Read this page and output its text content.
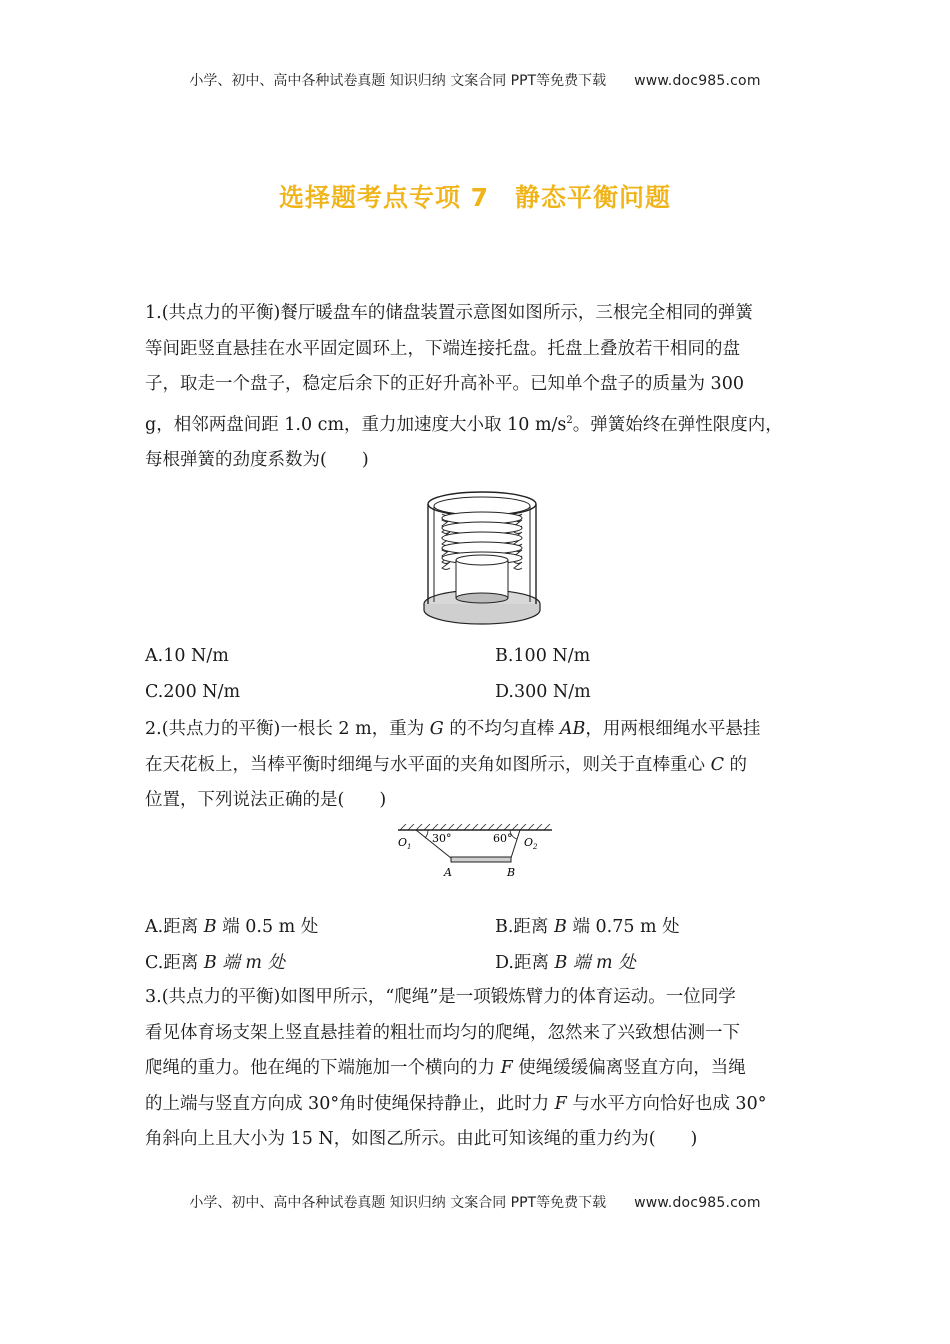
小学、初中、高中各种试卷真题 知识归纳 文案合同 PPT等免费下载 www.doc985.com
选择题考点专项 7 静态平衡问题
1.(共点力的平衡)餐厅暖盘车的储盘装置示意图如图所示，三根完全相同的弹簧
等间距竖直悬挂在水平固定圆环上，下端连接托盘。托盘上叠放若干相同的盘
子，取走一个盘子，稳定后余下的正好升高补平。已知单个盘子的质量为 300
g，相邻两盘间距 1.0 cm，重力加速度大小取 10 $m/s^2$。弹簧始终在弹性限度内，
每根弹簧的劲度系数为(　　)
A.10 N/m	B.100 N/m
C.200 N/m	D.300 N/m
2.(共点力的平衡)一根长 2 m，重为 G 的不均匀直棒 AB，用两根细绳水平悬挂
在天花板上，当棒平衡时细绳与水平面的夹角如图所示，则关于直棒重心 C 的
位置，下列说法正确的是(　　)
$O_1$
30°	60° $O_2$
A	B
A.距离 B 端 0.5 m 处	B.距离 B 端 0.75 m 处
C.距离 B 端 m 处	D.距离 B 端 m 处
3.(共点力的平衡)如图甲所示，“爬绳”是一项锻炼臂力的体育运动。一位同学
看见体育场支架上竖直悬挂着的粗壮而均匀的爬绳，忽然来了兴致想估测一下
爬绳的重力。他在绳的下端施加一个横向的力 F 使绳缓缓偏离竖直方向，当绳
的上端与竖直方向成 30°角时使绳保持静止，此时力 F 与水平方向恰好也成 30°
角斜向上且大小为 15 N，如图乙所示。由此可知该绳的重力约为(　　)
小学、初中、高中各种试卷真题 知识归纳 文案合同 PPT等免费下载 www.doc985.com
